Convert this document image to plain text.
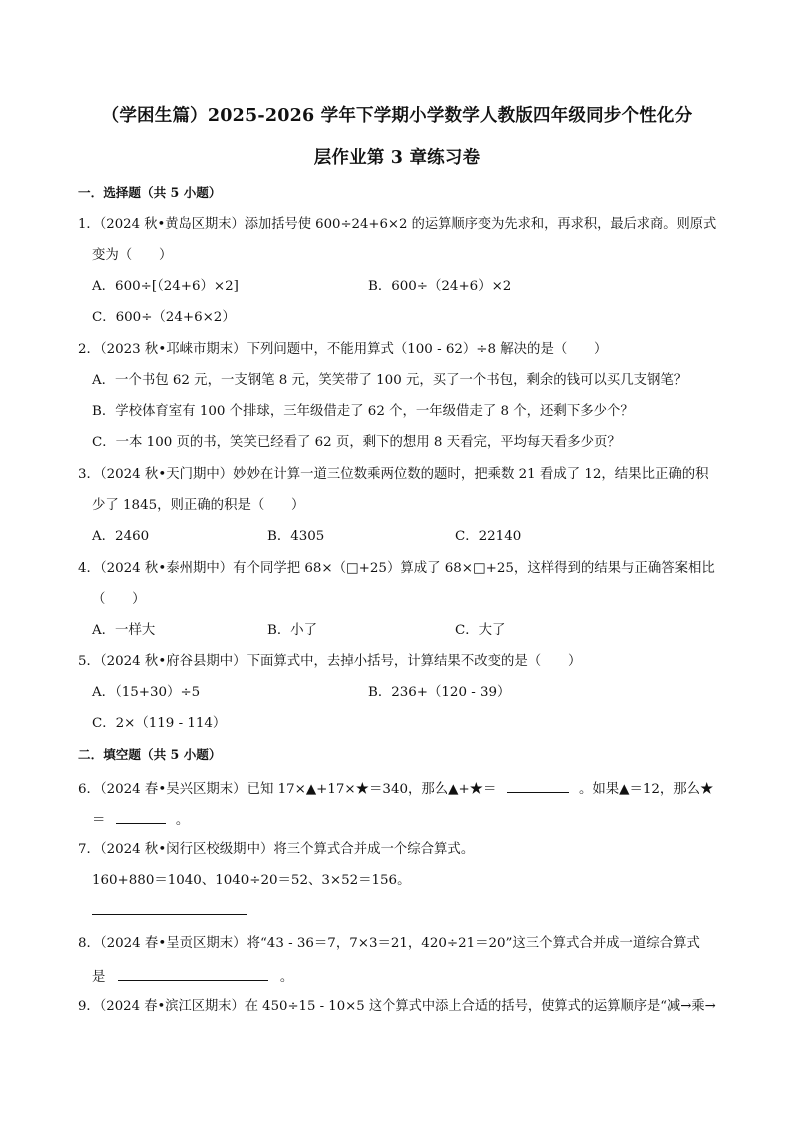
（学困生篇）2025-2026 学年下学期小学数学人教版四年级同步个性化分
层作业第 3 章练习卷
一．选择题（共 5 小题）
1．（2024 秋•黄岛区期末）添加括号使 600÷24+6×2 的运算顺序变为先求和，再求积，最后求商。则原式
变为（　　）
A．600÷[（24+6）×2]	B．600÷（24+6）×2
C．600÷（24+6×2）
2．（2023 秋•邛崃市期末）下列问题中，不能用算式（100 - 62）÷8 解决的是（　　）
A．一个书包 62 元，一支钢笔 8 元，笑笑带了 100 元，买了一个书包，剩余的钱可以买几支钢笔？
B．学校体育室有 100 个排球，三年级借走了 62 个，一年级借走了 8 个，还剩下多少个？
C．一本 100 页的书，笑笑已经看了 62 页，剩下的想用 8 天看完，平均每天看多少页？
3．（2024 秋•天门期中）妙妙在计算一道三位数乘两位数的题时，把乘数 21 看成了 12，结果比正确的积
少了 1845，则正确的积是（　　）
A．2460	B．4305	C．22140
4．（2024 秋•泰州期中）有个同学把 68×（□+25）算成了 68×□+25，这样得到的结果与正确答案相比
（　　）
A．一样大	B．小了	C．大了
5．（2024 秋•府谷县期中）下面算式中，去掉小括号，计算结果不改变的是（　　）
A．（15+30）÷5	B．236+（120 - 39）
C．2×（119 - 114）
二．填空题（共 5 小题）
6．（2024 春•吴兴区期末）已知 17×▲+17×★＝340，那么▲+★＝	。如果▲＝12，那么★
＝	。
7．（2024 秋•闵行区校级期中）将三个算式合并成一个综合算式。
160+880＝1040、1040÷20＝52、3×52＝156。
8．（2024 春•呈贡区期末）将“43 - 36＝7，7×3＝21，420÷21＝20”这三个算式合并成一道综合算式
是	。
9．（2024 春•滨江区期末）在 450÷15 - 10×5 这个算式中添上合适的括号，使算式的运算顺序是“减→乘→
